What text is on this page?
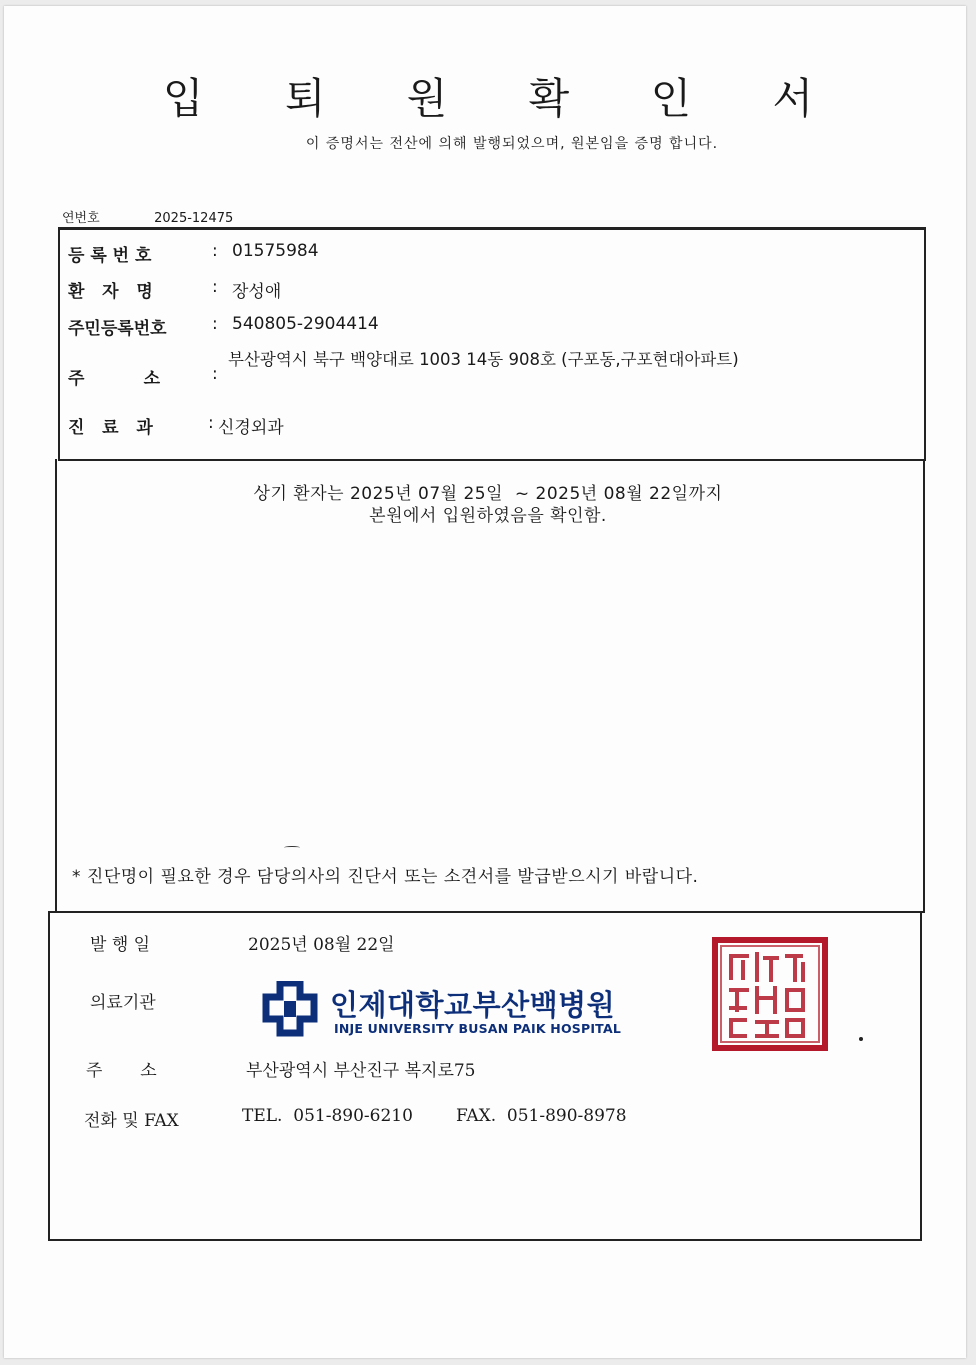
입 퇴 원 확 인 서
이 증명서는 전산에 의해 발행되었으며, 원본임을 증명 합니다.
연번호	2025-12475
등 록 번 호	: 01575984
환   자   명	: 장성애
주민등록번호	: 540805-2904414
주          소	:
부산광역시 북구 백양대로 1003 14동 908호 (구포동,구포현대아파트)
진   료   과	: 신경외과
상기 환자는 2025년 07월 25일  ~ 2025년 08월 22일까지
본원에서 입원하였음을 확인함.
* 진단명이 필요한 경우 담당의사의 진단서 또는 소견서를 발급받으시기 바랍니다.
발 행 일	2025년 08월 22일
의료기관	인제대학교부산백병원
INJE UNIVERSITY BUSAN PAIK HOSPITAL
주       소	부산광역시 부산진구 복지로75
전화 및 FAX	TEL.  051-890-6210	FAX.  051-890-8978
